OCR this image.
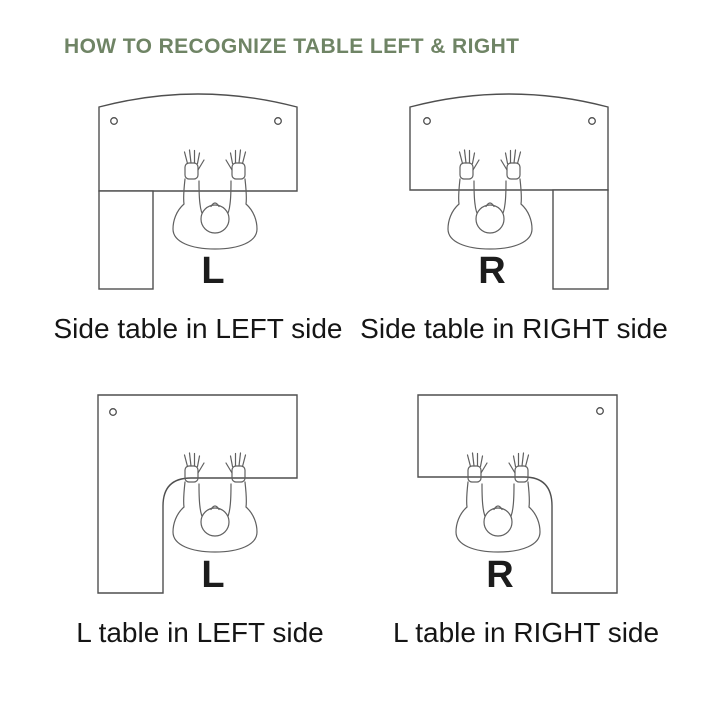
HOW TO RECOGNIZE TABLE LEFT & RIGHT
L
Side table in LEFT side
R
Side table in RIGHT side
L
L table in LEFT side
R
L table in RIGHT side
